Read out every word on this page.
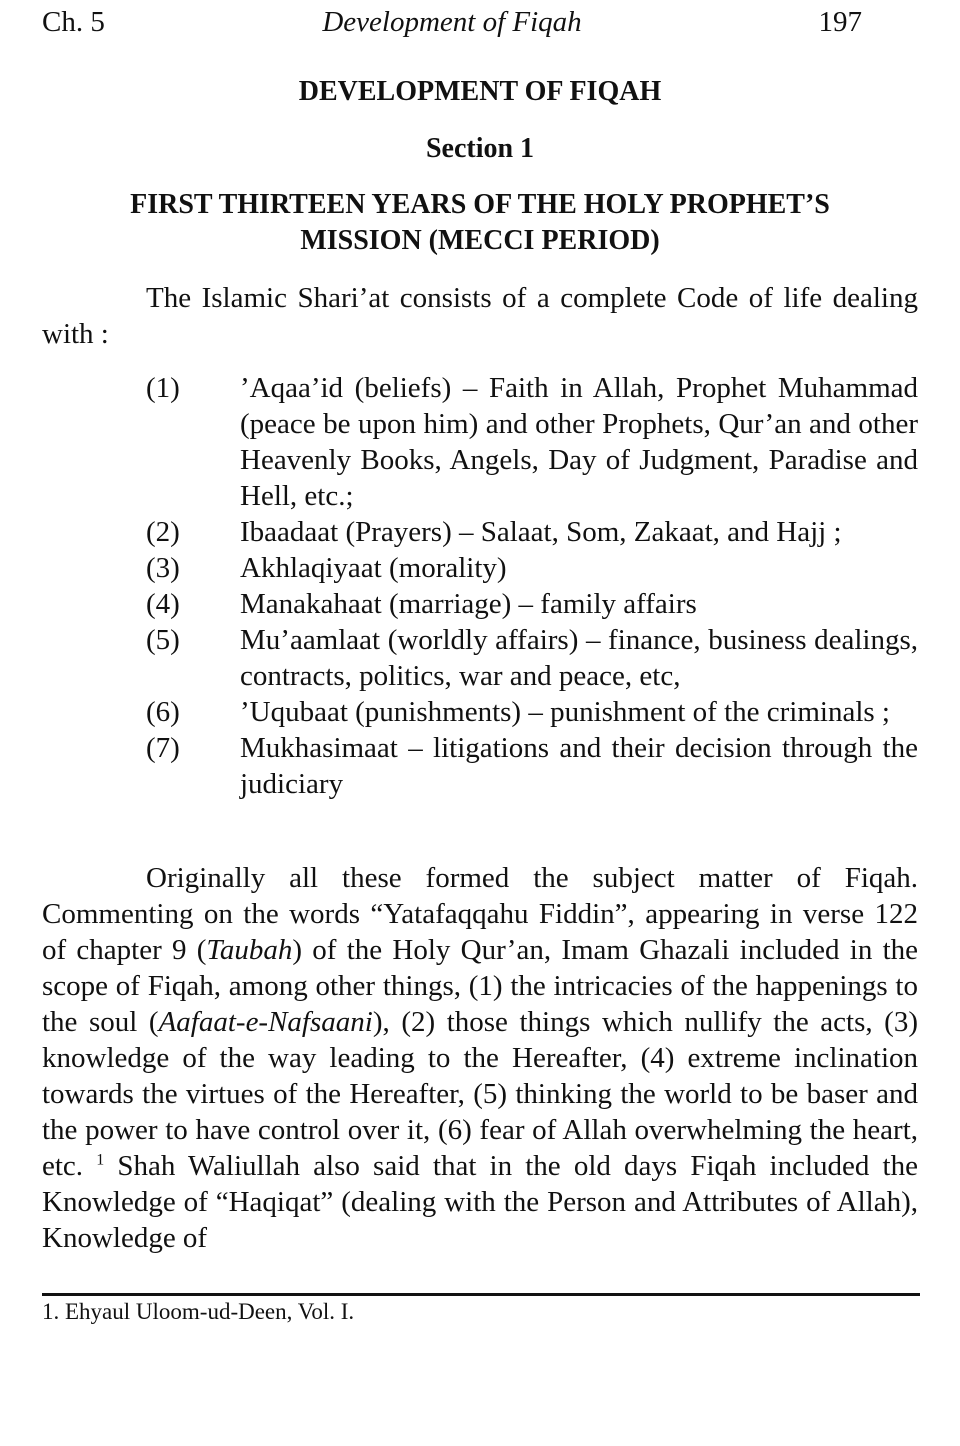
Ch. 5	Development of Fiqah	197
DEVELOPMENT OF FIQAH
Section 1
FIRST THIRTEEN YEARS OF THE HOLY PROPHET’S
MISSION (MECCI PERIOD)

The Islamic Shari’at consists of a complete Code of life dealing with :

(1) ’Aqaa’id (beliefs) – Faith in Allah, Prophet Muhammad (peace be upon him) and other Prophets, Qur’an and other Heavenly Books, Angels, Day of Judgment, Paradise and Hell, etc.;
(2) Ibaadaat (Prayers) – Salaat, Som, Zakaat, and Hajj ;
(3) Akhlaqiyaat (morality)
(4) Manakahaat (marriage) – family affairs
(5) Mu’aamlaat (worldly affairs) – finance, business dealings, contracts, politics, war and peace, etc,
(6) ’Uqubaat (punishments) – punishment of the criminals ;
(7) Mukhasimaat – litigations and their decision through the judiciary

Originally all these formed the subject matter of Fiqah. Commenting on the words “Yatafaqqahu Fiddin”, appearing in verse 122 of chapter 9 (Taubah) of the Holy Qur’an, Imam Ghazali included in the scope of Fiqah, among other things, (1) the intricacies of the happenings to the soul (Aafaat-e-Nafsaani), (2) those things which nullify the acts, (3) knowledge of the way leading to the Hereafter, (4) extreme inclination towards the virtues of the Hereafter, (5) thinking the world to be baser and the power to have control over it, (6) fear of Allah overwhelming the heart, etc. $^1$ Shah Waliullah also said that in the old days Fiqah included the Knowledge of “Haqiqat” (dealing with the Person and Attributes of Allah), Knowledge of

1. Ehyaul Uloom-ud-Deen, Vol. I.
